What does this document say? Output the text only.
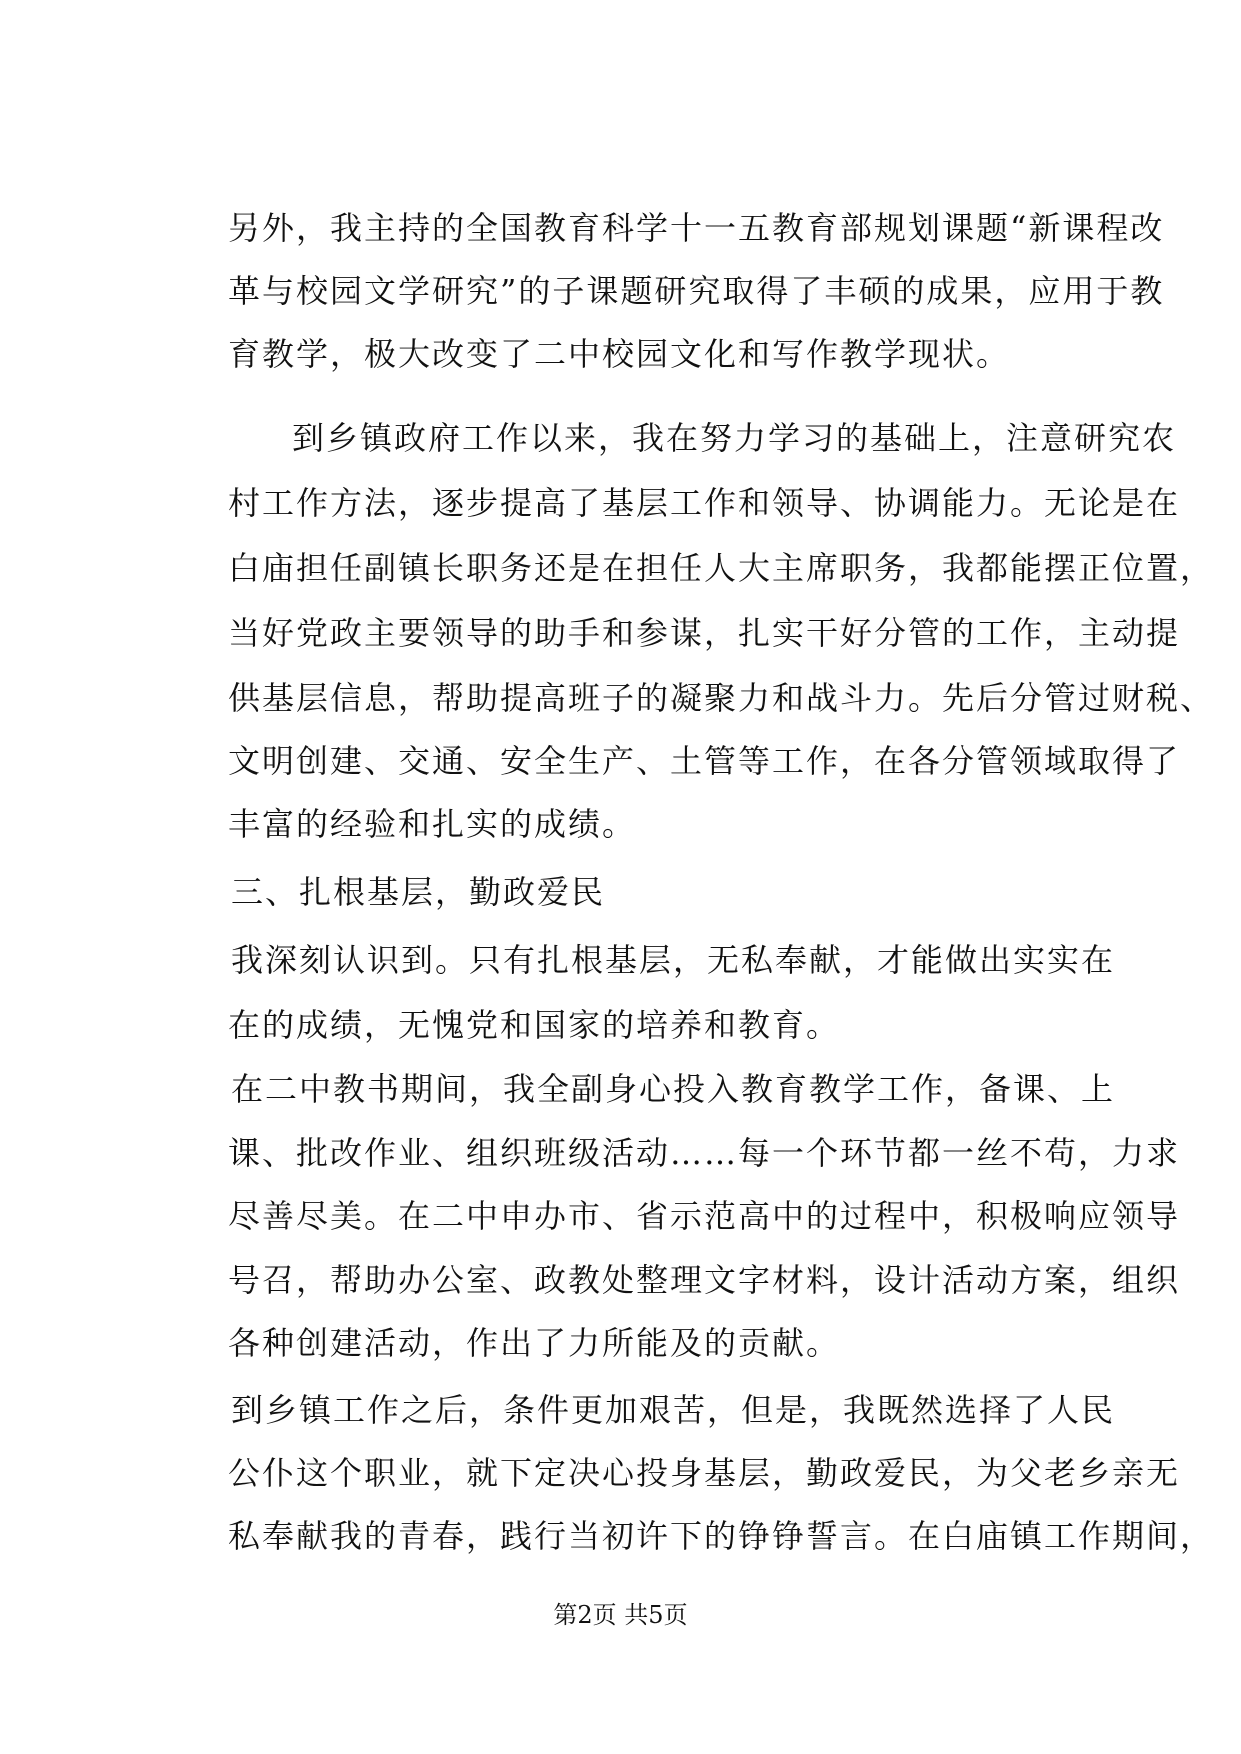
另外，我主持的全国教育科学十一五教育部规划课题“新课程改
革与校园文学研究”的子课题研究取得了丰硕的成果，应用于教
育教学，极大改变了二中校园文化和写作教学现状。
到乡镇政府工作以来，我在努力学习的基础上，注意研究农
村工作方法，逐步提高了基层工作和领导、协调能力。无论是在
白庙担任副镇长职务还是在担任人大主席职务，我都能摆正位置，
当好党政主要领导的助手和参谋，扎实干好分管的工作，主动提
供基层信息，帮助提高班子的凝聚力和战斗力。先后分管过财税、
文明创建、交通、安全生产、土管等工作，在各分管领域取得了
丰富的经验和扎实的成绩。
三、扎根基层，勤政爱民
我深刻认识到。只有扎根基层，无私奉献，才能做出实实在
在的成绩，无愧党和国家的培养和教育。
在二中教书期间，我全副身心投入教育教学工作，备课、上
课、批改作业、组织班级活动……每一个环节都一丝不苟，力求
尽善尽美。在二中申办市、省示范高中的过程中，积极响应领导
号召，帮助办公室、政教处整理文字材料，设计活动方案，组织
各种创建活动，作出了力所能及的贡献。
到乡镇工作之后，条件更加艰苦，但是，我既然选择了人民
公仆这个职业，就下定决心投身基层，勤政爱民，为父老乡亲无
私奉献我的青春，践行当初许下的铮铮誓言。在白庙镇工作期间，
第2页 共5页
